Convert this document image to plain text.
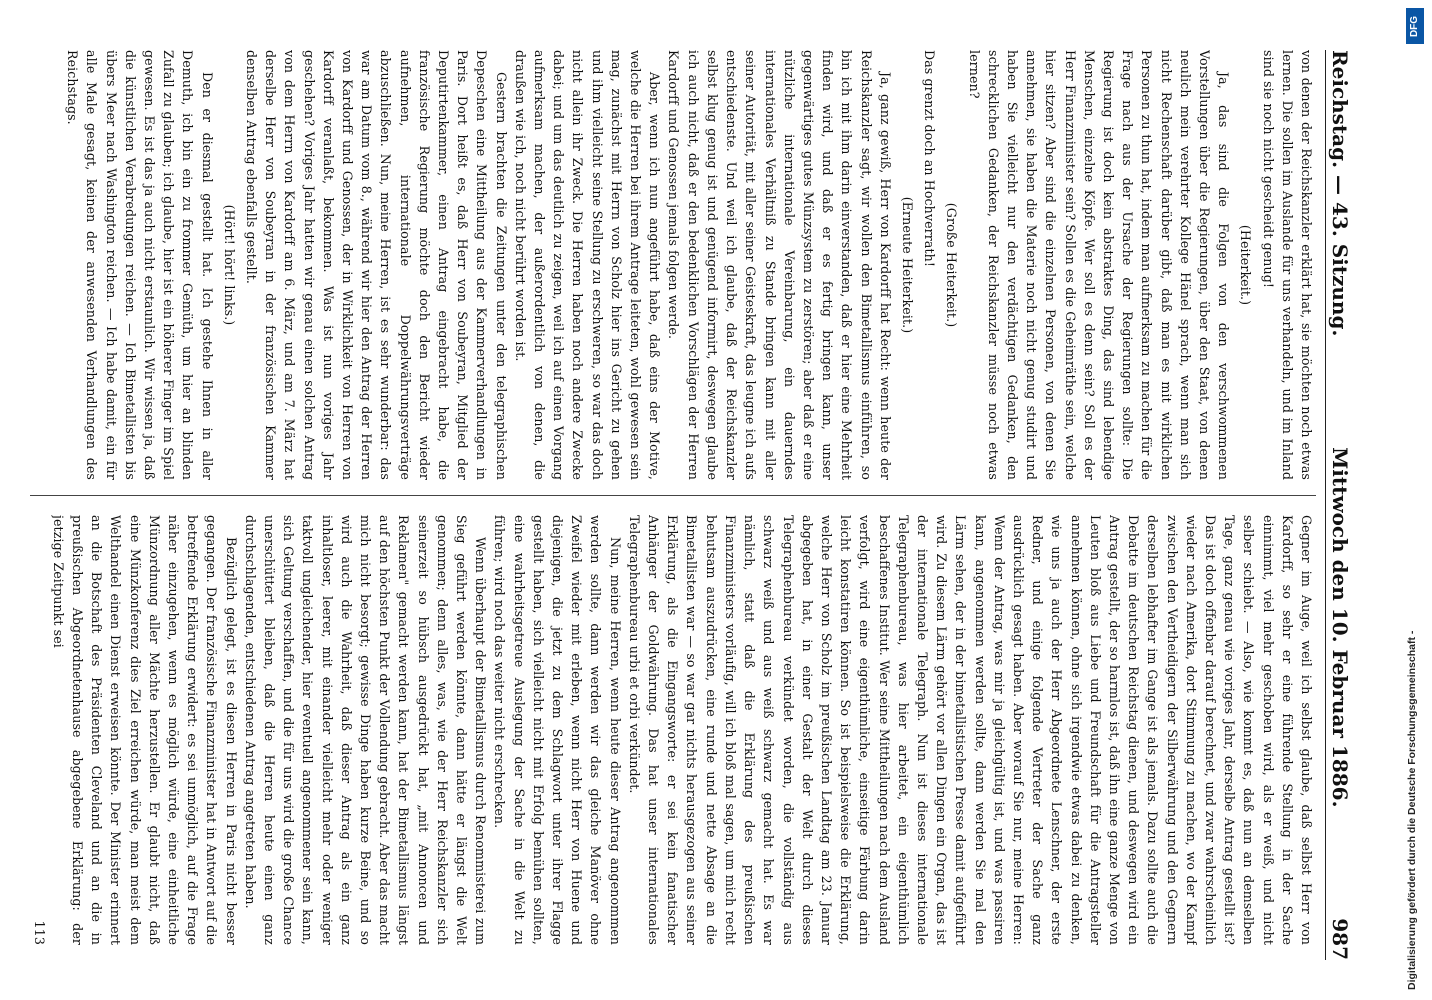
Reichstag. — 43. Sitzung.
Mittwoch den 10. Februar 1886.
987

von denen der Reichskanzler erklärt hat, sie möchten noch etwas lernen. Die sollen im Auslande für uns verhandeln, und im Inland sind sie noch nicht gescheidt genug!

(Heiterkeit.)

Ja, das sind die Folgen von den verschwommenen Vorstellungen über die Regierungen, über den Staat, von denen neulich mein verehrter Kollege Hänel sprach, wenn man sich nicht Rechenschaft darüber gibt, daß man es mit wirklichen Personen zu thun hat, indem man aufmerksam zu machen für die Frage nach aus der Ursache der Regierungen sollte: Die Regierung ist doch kein abstraktes Ding, das sind lebendige Menschen, einzelne Köpfe. Wer soll es denn sein? Soll es der Herr Finanzminister sein? Sollen es die Geheimräthe sein, welche hier sitzen? Aber sind die einzelnen Personen, von denen Sie annehmen, sie haben die Materie noch nicht genug studirt und haben Sie vielleicht nur den verdächtigen Gedanken, den schrecklichen Gedanken, der Reichskanzler müsse noch etwas lernen?

(Große Heiterkeit.)

Das grenzt doch an Hochverrath!

(Erneute Heiterkeit.)

Ja, ganz gewiß, Herr von Kardorff hat Recht: wenn heute der Reichskanzler sagt, wir wollen den Bimetallismus einführen, so bin ich mit ihm darin einverstanden, daß er hier eine Mehrheit finden wird, und daß er es fertig bringen kann, unser gegenwärtiges gutes Münzsystem zu zerstören; aber daß er eine nützliche internationale Vereinbarung, ein dauerndes internationales Verhältniß zu Stande bringen kann mit aller seiner Autorität, mit aller seiner Geisteskraft, das leugne ich aufs entschiedenste. Und weil ich glaube, daß der Reichskanzler selbst klug genug ist und genügend informirt, deswegen glaube ich auch nicht, daß er den bedenklichen Vorschlägen der Herren Kardorff und Genossen jemals folgen werde.

Aber, wenn ich nun angeführt habe, daß eins der Motive, welche die Herren bei ihrem Antrage leiteten, wohl gewesen sein mag, zunächst mit Herrn von Scholz hier ins Gericht zu gehen und ihm vielleicht seine Stellung zu erschweren, so war das doch nicht allein ihr Zweck. Die Herren haben noch andere Zwecke dabei; und um das deutlich zu zeigen, weil ich auf einen Vorgang aufmerksam machen, der außerordentlich von denen, die draußen wie ich, noch nicht berührt worden ist.

Gestern brachten die Zeitungen unter den telegraphischen Depeschen eine Mittheilung aus der Kammerverhandlungen in Paris. Dort heißt es, daß Herr von Soubeyran, Mitglied der Deputirtenkammer, einen Antrag eingebracht habe, die französische Regierung möchte doch den Bericht wieder aufnehmen, internationale Doppelwährungsverträge abzuschließen. Nun, meine Herren, ist es sehr wunderbar: das war am Datum vom 8., während wir hier den Antrag der Herren von Kardorff und Genossen, der in Wirklichkeit von Herren von Kardorff veranlaßt, bekommen. Was ist nun voriges Jahr geschehen? Voriges Jahr hatten wir genau einen solchen Antrag von dem Herrn von Kardorff am 6. März, und am 7. März hat derselbe Herr von Soubeyran in der französischen Kammer denselben Antrag ebenfalls gestellt.

(Hört! hört! links.)

Den er diesmal gestellt hat. Ich gestehe Ihnen in aller Demuth, ich bin ein zu frommer Gemüth, um hier an blinden Zufall zu glauben; ich glaube, hier ist ein höherer Finger im Spiel gewesen. Es ist das ja auch nicht erstaunlich. Wir wissen ja, daß die künstlichen Verabredungen reichen. — Ich Bimetallisten bis übers Meer nach Washington reichen. — Ich habe damit, ein für alle Male gesagt, keinen der anwesenden Verhandlungen des Reichstags.

Gegner im Auge, weil ich selbst glaube, daß selbst Herr von Kardorff, so sehr er eine führende Stellung in der Sache einnimmt, viel mehr geschoben wird, als er weiß, und nicht selber schiebt. — Also, wie kommt es, daß nun an demselben Tage, ganz genau wie voriges Jahr, derselbe Antrag gestellt ist? Das ist doch offenbar darauf berechnet, und zwar wahrscheinlich wieder nach Amerika, dort Stimmung zu machen, wo der Kampf zwischen den Vertheidigern der Silberwährung und den Gegnern derselben lebhafter im Gange ist als jemals. Dazu sollte auch die Debatte im deutschen Reichstag dienen, und deswegen wird ein Antrag gestellt, der so harmlos ist, daß ihn eine ganze Menge von Leuten bloß aus Liebe und Freundschaft für die Antragsteller annehmen können, ohne sich irgendwie etwas dabei zu denken, wie uns ja auch der Herr Abgeordnete Lenschner, der erste Redner, und einige folgende Vertreter der Sache ganz ausdrücklich gesagt haben. Aber worauf Sie nur, meine Herren: Wenn der Antrag, was mir ja gleichgültig ist, und was passiren kann, angenommen werden sollte, dann werden Sie mal den Lärm sehen, der in der bimetallistischen Presse damit aufgeführt wird. Zu diesem Lärm gehört vor allen Dingen ein Organ, das ist der internationale Telegraph. Nun ist dieses internationale Telegraphenbureau, was hier arbeitet, ein eigenthümlich beschaffenes Institut. Wer seine Mittheilungen nach dem Ausland verfolgt, wird eine eigenthümliche, einseitige Färbung darin leicht konstatiren können. So ist beispielsweise die Erklärung, welche Herr von Scholz im preußischen Landtag am 23. Januar abgegeben hat, in einer Gestalt der Welt durch dieses Telegraphenbureau verkündet worden, die vollständig aus schwarz weiß und aus weiß schwarz gemacht hat. Es war nämlich, statt daß die Erklärung des preußischen Finanzministers vorläufig, will ich bloß mal sagen, um mich recht behutsam auszudrücken, eine runde und nette Absage an die Bimetallisten war — so war gar nichts herausgezogen aus seiner Erklärung, als die Eingangsworte: er sei kein fanatischer Anhänger der Goldwährung. Das hat unser internationales Telegraphenbureau urbi et orbi verkündet.

Nun, meine Herren, wenn heute dieser Antrag angenommen werden sollte, dann werden wir das gleiche Manöver ohne Zweifel wieder mit erleben, wenn nicht Herr von Huene und diejenigen, die jetzt zu dem Schlagwort unter ihrer Flagge gestellt haben, sich vielleicht nicht mit Erfolg bemühen sollten, eine wahrheitsgetreue Auslegung der Sache in die Welt zu führen; wird noch das weiter nicht erschrecken.

Wenn überhaupt der Bimetallismus durch Renommisterei zum Sieg geführt werden könnte, dann hätte er längst die Welt genommen; denn alles, was, wie der Herr Reichskanzler sich seinerzeit so hübsch ausgedrückt hat, „mit Annoncen und Reklamen" gemacht werden kann, hat der Bimetallismus längst auf den höchsten Punkt der Vollendung gebracht. Aber das macht mich nicht besorgt; gewisse Dinge haben kurze Beine, und so wird auch die Wahrheit, daß dieser Antrag als ein ganz inhaltloser, leerer, mit einander vielleicht mehr oder weniger taktvoll ungleichender, hier eventuell angenommener sein kann, sich Geltung verschaffen, und die für uns wird die große Chance unerschüttert bleiben, daß die Herren heute einen ganz durchschlagenden, entschiedenen Antrag angetreten haben.

Bezüglich gelegt, ist es diesen Herren in Paris nicht besser gegangen. Der französische Finanzminister hat in Antwort auf die betreffende Erklärung erwidert: es sei unmöglich, auf die Frage näher einzugehen, wenn es möglich würde, eine einheitliche Münzordnung aller Mächte herzustellen. Er glaubt nicht, daß eine Münzkonferenz dies Ziel erreichen würde, man meist dem Welthandel einen Dienst erweisen könnte. Der Minister erinnert an die Botschaft des Präsidenten Cleveland und an die in preußischen Abgeordnetenhause abgegebene Erklärung: der jetzige Zeitpunkt sei

113

DFG
Digitalisierung gefördert durch die Deutsche Forschungsgemeinschaft -
